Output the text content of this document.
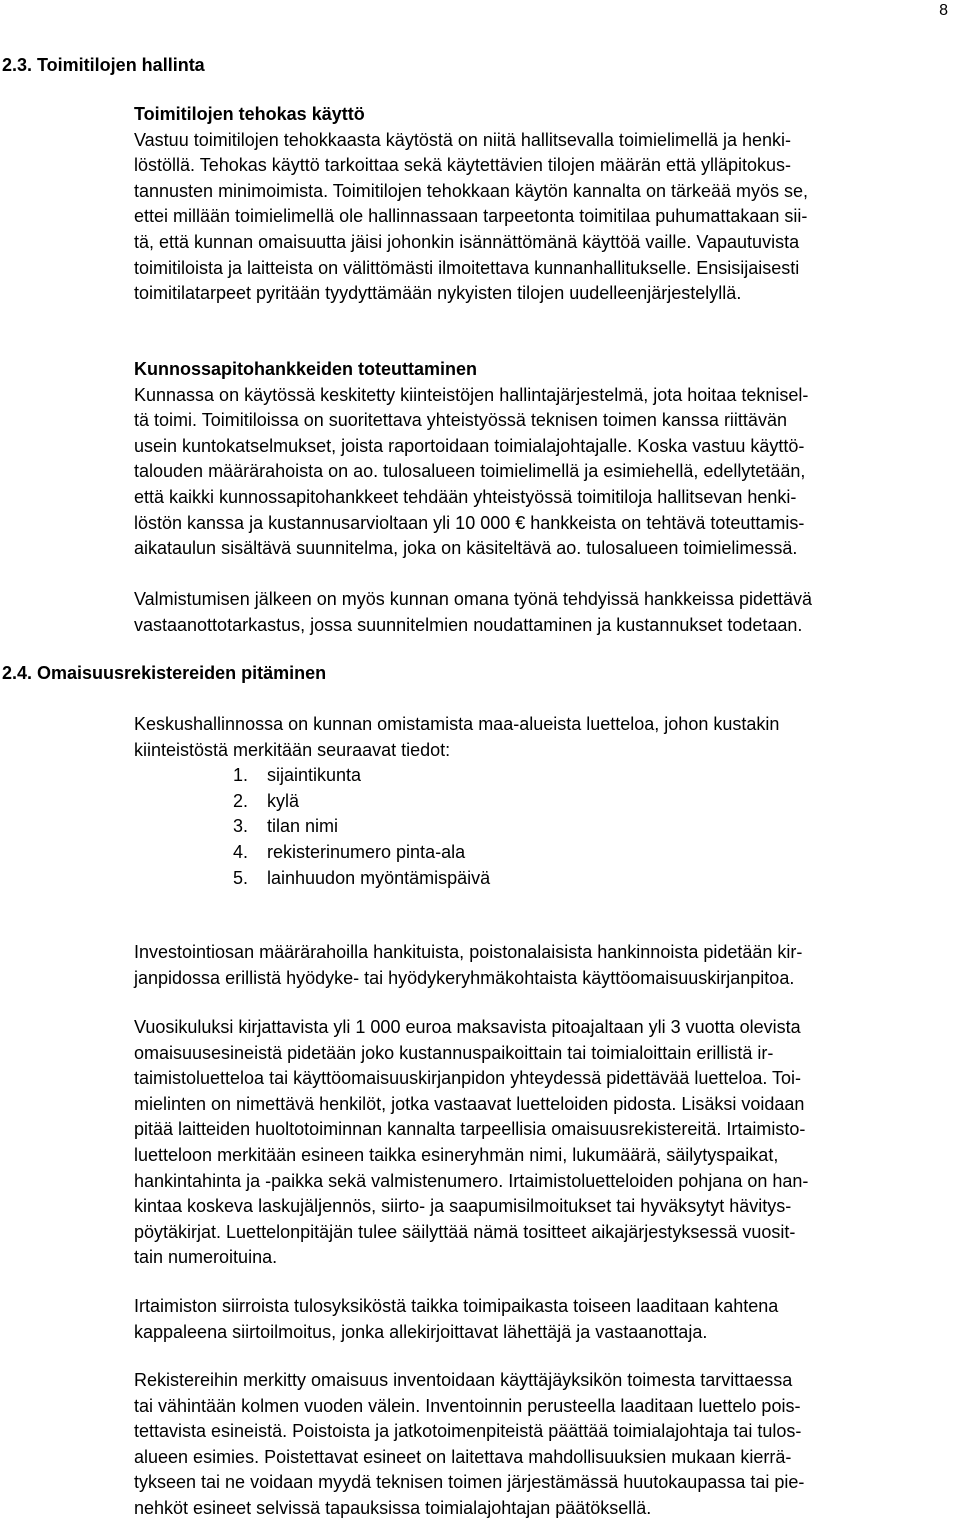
8
2.3. Toimitilojen hallinta
Toimitilojen tehokas käyttö
Vastuu toimitilojen tehokkaasta käytöstä on niitä hallitsevalla toimielimellä ja henki-
löstöllä. Tehokas käyttö tarkoittaa sekä käytettävien tilojen määrän että ylläpitokus-
tannusten minimoimista. Toimitilojen tehokkaan käytön kannalta on tärkeää myös se,
ettei millään toimielimellä ole hallinnassaan tarpeetonta toimitilaa puhumattakaan sii-
tä, että kunnan omaisuutta jäisi johonkin isännättömänä käyttöä vaille. Vapautuvista
toimitiloista ja laitteista on välittömästi ilmoitettava kunnanhallitukselle. Ensisijaisesti
toimitilatarpeet pyritään tyydyttämään nykyisten tilojen uudelleenjärjestelyllä.
Kunnossapitohankkeiden toteuttaminen
Kunnassa on käytössä keskitetty kiinteistöjen hallintajärjestelmä, jota hoitaa teknisel-
tä toimi. Toimitiloissa on suoritettava yhteistyössä teknisen toimen kanssa riittävän
usein kuntokatselmukset, joista raportoidaan toimialajohtajalle. Koska vastuu käyttö-
talouden määrärahoista on ao. tulosalueen toimielimellä ja esimiehellä, edellytetään,
että kaikki kunnossapitohankkeet tehdään yhteistyössä toimitiloja hallitsevan henki-
löstön kanssa ja kustannusarvioltaan yli 10 000 € hankkeista on tehtävä toteuttamis-
aikataulun sisältävä suunnitelma, joka on käsiteltävä ao. tulosalueen toimielimessä.
Valmistumisen jälkeen on myös kunnan omana työnä tehdyissä hankkeissa pidettävä
vastaanottotarkastus, jossa suunnitelmien noudattaminen ja kustannukset todetaan.
2.4. Omaisuusrekistereiden pitäminen
Keskushallinnossa on kunnan omistamista maa-alueista luetteloa, johon kustakin
kiinteistöstä merkitään seuraavat tiedot:
1.	sijaintikunta
2.	kylä
3.	tilan nimi
4.	rekisterinumero pinta-ala
5.	lainhuudon myöntämispäivä
Investointiosan määrärahoilla hankituista, poistonalaisista hankinnoista pidetään kir-
janpidossa erillistä hyödyke- tai hyödykeryhmäkohtaista käyttöomaisuuskirjanpitoa.
Vuosikuluksi kirjattavista yli 1 000 euroa maksavista pitoajaltaan yli 3 vuotta olevista
omaisuusesineistä pidetään joko kustannuspaikoittain tai toimialoittain erillistä ir-
taimistoluetteloa tai käyttöomaisuuskirjanpidon yhteydessä pidettävää luetteloa. Toi-
mielinten on nimettävä henkilöt, jotka vastaavat luetteloiden pidosta. Lisäksi voidaan
pitää laitteiden huoltotoiminnan kannalta tarpeellisia omaisuusrekistereitä. Irtaimisto-
luetteloon merkitään esineen taikka esineryhmän nimi, lukumäärä, säilytyspaikat,
hankintahinta ja -paikka sekä valmistenumero. Irtaimistoluetteloiden pohjana on han-
kintaa koskeva laskujäljennös, siirto- ja saapumisilmoitukset tai hyväksytyt hävitys-
pöytäkirjat. Luettelonpitäjän tulee säilyttää nämä tositteet aikajärjestyksessä vuosit-
tain numeroituina.
Irtaimiston siirroista tulosyksiköstä taikka toimipaikasta toiseen laaditaan kahtena
kappaleena siirtoilmoitus, jonka allekirjoittavat lähettäjä ja vastaanottaja.
Rekistereihin merkitty omaisuus inventoidaan käyttäjäyksikön toimesta tarvittaessa
tai vähintään kolmen vuoden välein. Inventoinnin perusteella laaditaan luettelo pois-
tettavista esineistä. Poistoista ja jatkotoimenpiteistä päättää toimialajohtaja tai tulos-
alueen esimies. Poistettavat esineet on laitettava mahdollisuuksien mukaan kierrä-
tykseen tai ne voidaan myydä teknisen toimen järjestämässä huutokaupassa tai pie-
nehköt esineet selvissä tapauksissa toimialajohtajan päätöksellä.
